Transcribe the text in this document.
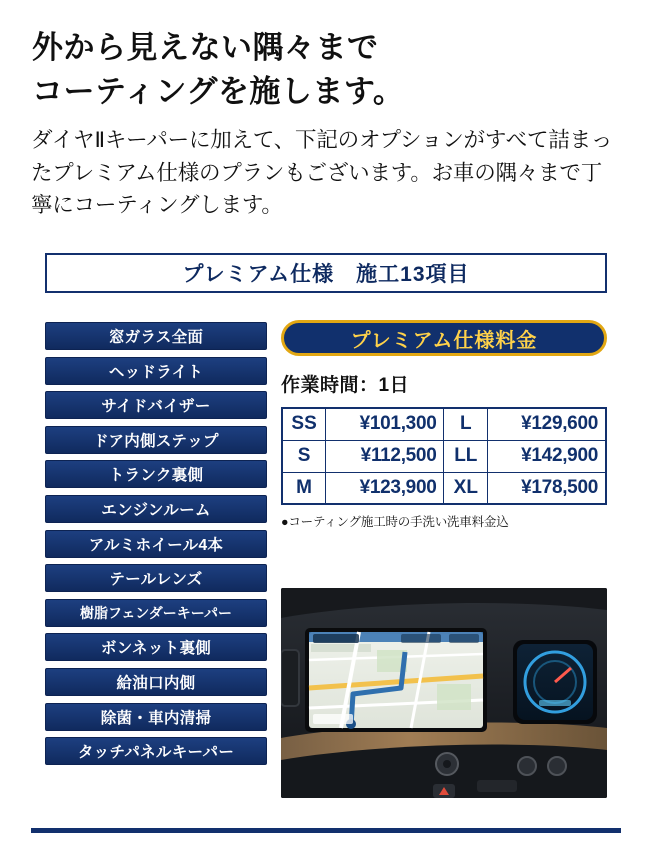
外から見えない隅々まで
コーティングを施します。
ダイヤⅡキーパーに加えて、下記のオプションがすべて詰まったプレミアム仕様のプランもございます。お車の隅々まで丁寧にコーティングします。
プレミアム仕様　施工13項目
窓ガラス全面
ヘッドライト
サイドバイザー
ドア内側ステップ
トランク裏側
エンジンルーム
アルミホイール4本
テールレンズ
樹脂フェンダーキーパー
ボンネット裏側
給油口内側
除菌・車内清掃
タッチパネルキーパー
プレミアム仕様料金
作業時間：1日
SS	¥101,300	L	¥129,600
S	¥112,500	LL	¥142,900
M	¥123,900	XL	¥178,500
●コーティング施工時の手洗い洗車料金込
